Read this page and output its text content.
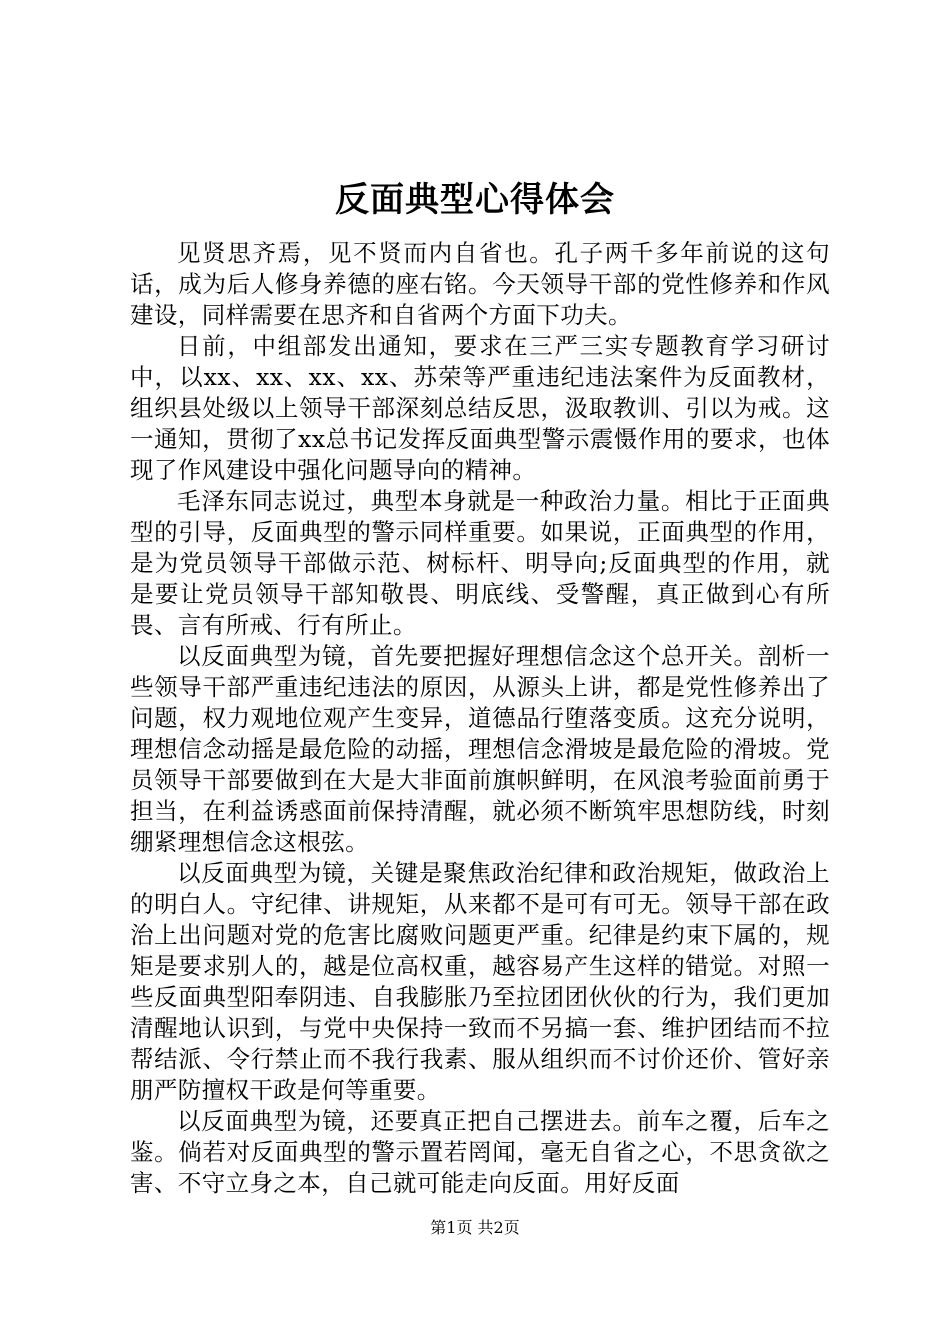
反面典型心得体会

见贤思齐焉，见不贤而内自省也。孔子两千多年前说的这句话，成为后人修身养德的座右铭。今天领导干部的党性修养和作风建设，同样需要在思齐和自省两个方面下功夫。

日前，中组部发出通知，要求在三严三实专题教育学习研讨中，以xx、xx、xx、xx、苏荣等严重违纪违法案件为反面教材，组织县处级以上领导干部深刻总结反思，汲取教训、引以为戒。这一通知，贯彻了xx总书记发挥反面典型警示震慑作用的要求，也体现了作风建设中强化问题导向的精神。

毛泽东同志说过，典型本身就是一种政治力量。相比于正面典型的引导，反面典型的警示同样重要。如果说，正面典型的作用，是为党员领导干部做示范、树标杆、明导向;反面典型的作用，就是要让党员领导干部知敬畏、明底线、受警醒，真正做到心有所畏、言有所戒、行有所止。

以反面典型为镜，首先要把握好理想信念这个总开关。剖析一些领导干部严重违纪违法的原因，从源头上讲，都是党性修养出了问题，权力观地位观产生变异，道德品行堕落变质。这充分说明，理想信念动摇是最危险的动摇，理想信念滑坡是最危险的滑坡。党员领导干部要做到在大是大非面前旗帜鲜明，在风浪考验面前勇于担当，在利益诱惑面前保持清醒，就必须不断筑牢思想防线，时刻绷紧理想信念这根弦。

以反面典型为镜，关键是聚焦政治纪律和政治规矩，做政治上的明白人。守纪律、讲规矩，从来都不是可有可无。领导干部在政治上出问题对党的危害比腐败问题更严重。纪律是约束下属的，规矩是要求别人的，越是位高权重，越容易产生这样的错觉。对照一些反面典型阳奉阴违、自我膨胀乃至拉团团伙伙的行为，我们更加清醒地认识到，与党中央保持一致而不另搞一套、维护团结而不拉帮结派、令行禁止而不我行我素、服从组织而不讨价还价、管好亲朋严防擅权干政是何等重要。

以反面典型为镜，还要真正把自己摆进去。前车之覆，后车之鉴。倘若对反面典型的警示置若罔闻，毫无自省之心，不思贪欲之害、不守立身之本，自己就可能走向反面。用好反面

第1页 共2页
